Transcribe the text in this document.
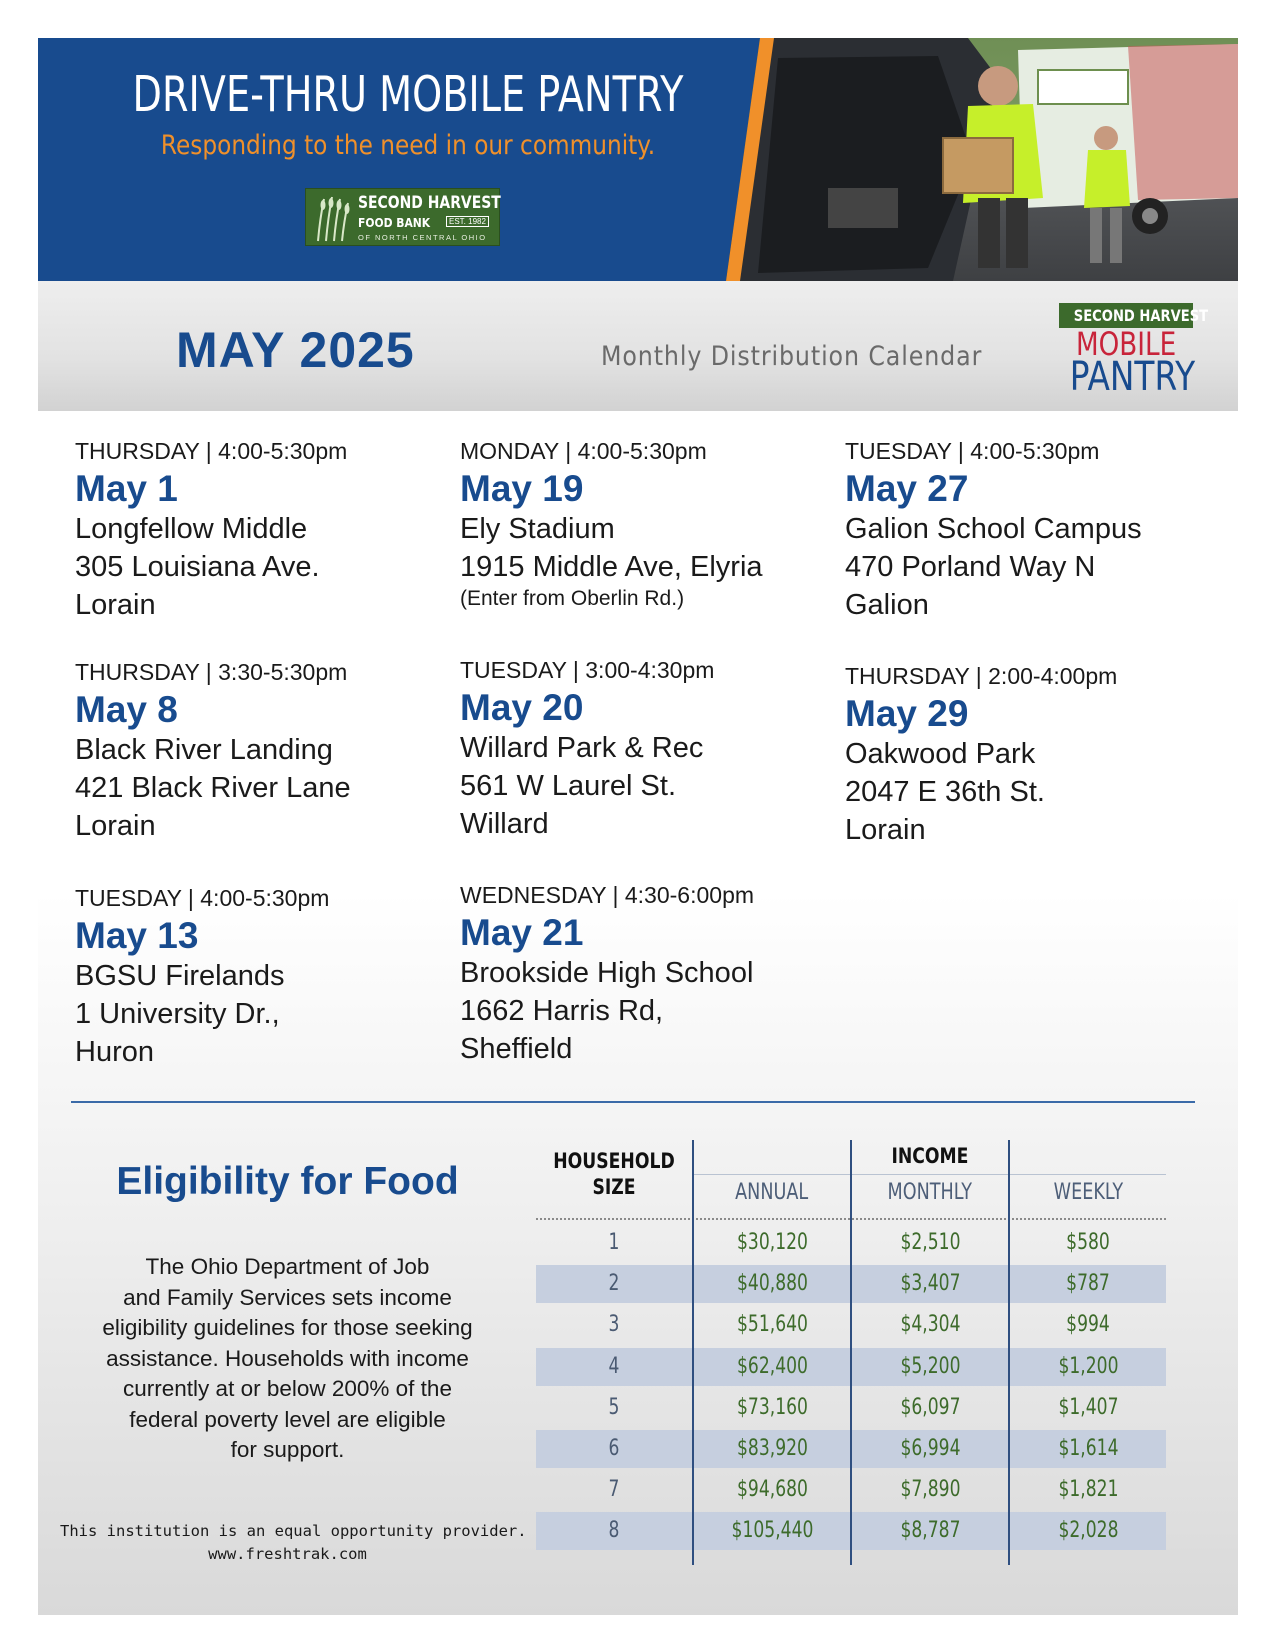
DRIVE-THRU MOBILE PANTRY
Responding to the need in our community.
SECOND HARVEST
FOOD BANK	EST. 1982
OF NORTH CENTRAL OHIO
MAY 2025	Monthly Distribution Calendar
SECOND HARVEST
MOBILE
PANTRY
THURSDAY | 4:00-5:30pm
May 1
Longfellow Middle
305 Louisiana Ave.
Lorain
THURSDAY | 3:30-5:30pm
May 8
Black River Landing
421 Black River Lane
Lorain
TUESDAY | 4:00-5:30pm
May 13
BGSU Firelands
1 University Dr.,
Huron
MONDAY | 4:00-5:30pm
May 19
Ely Stadium
1915 Middle Ave, Elyria
(Enter from Oberlin Rd.)
TUESDAY | 3:00-4:30pm
May 20
Willard Park & Rec
561 W Laurel St.
Willard
WEDNESDAY | 4:30-6:00pm
May 21
Brookside High School
1662 Harris Rd,
Sheffield
TUESDAY | 4:00-5:30pm
May 27
Galion School Campus
470 Porland Way N
Galion
THURSDAY | 2:00-4:00pm
May 29
Oakwood Park
2047 E 36th St.
Lorain
Eligibility for Food
The Ohio Department of Job
and Family Services sets income
eligibility guidelines for those seeking
assistance. Households with income
currently at or below 200% of the
federal poverty level are eligible
for support.
This institution is an equal opportunity provider.
www.freshtrak.com
HOUSEHOLD
SIZE
INCOME
ANNUAL	MONTHLY	WEEKLY
1	$30,120	$2,510	$580
2	$40,880	$3,407	$787
3	$51,640	$4,304	$994
4	$62,400	$5,200	$1,200
5	$73,160	$6,097	$1,407
6	$83,920	$6,994	$1,614
7	$94,680	$7,890	$1,821
8	$105,440	$8,787	$2,028
